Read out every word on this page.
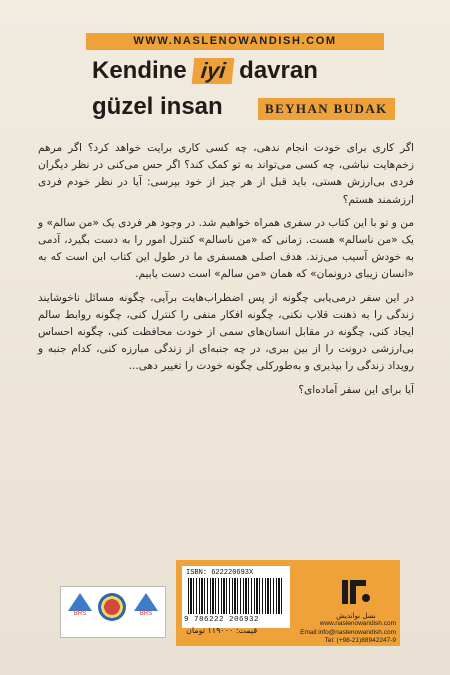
WWW.NASLENOWANDISH.COM
Kendine iyi davran
güzel insan	BEYHAN BUDAK

اگر کاری برای خودت انجام ندهی، چه کسی کاری برایت خواهد کرد؟ اگر مرهم زخم‌هایت نباشی، چه کسی می‌تواند به تو کمک کند؟ اگر حس می‌کنی در نظر دیگران فردی بی‌ارزش هستی، باید قبل از هر چیز از خود بپرسی: آیا در نظر خودم فردی ارزشمند هستم؟

من و تو با این کتاب در سفری همراه خواهیم شد. در وجود هر فردی یک «من سالم» و یک «من ناسالم» هست. زمانی که «من ناسالم» کنترل امور را به دست بگیرد، آدمی به خودش آسیب می‌زند. هدف اصلی همسفری ما در طول این کتاب این است که به «انسان زیبای درونمان» که همان «من سالم» است دست یابیم.

در این سفر درمی‌یابی چگونه از پس اضطراب‌هایت برآیی، چگونه مسائل ناخوشایند زندگی را به ذهنت قلاب نکنی، چگونه افکار منفی را کنترل کنی، چگونه روابط سالم ایجاد کنی، چگونه در مقابل انسان‌های سمی از خودت محافظت کنی، چگونه احساس بی‌ارزشی درونت را از بین ببری، در چه جنبه‌ای از زندگی مبارزه کنی، کدام جنبه و رویداد زندگی را بپذیری و به‌طورکلی چگونه خودت را تغییر دهی...

آیا برای این سفر آماده‌ای؟

BRS	BRS
ISBN: 622220693X
9 786222 206932
قیمت: ۱۱۹۰۰۰ تومان
نسل نواندیش
www.naslenowandish.com
Email:info@naslenowandish.com
Tel: (+98-21)88942247-9
